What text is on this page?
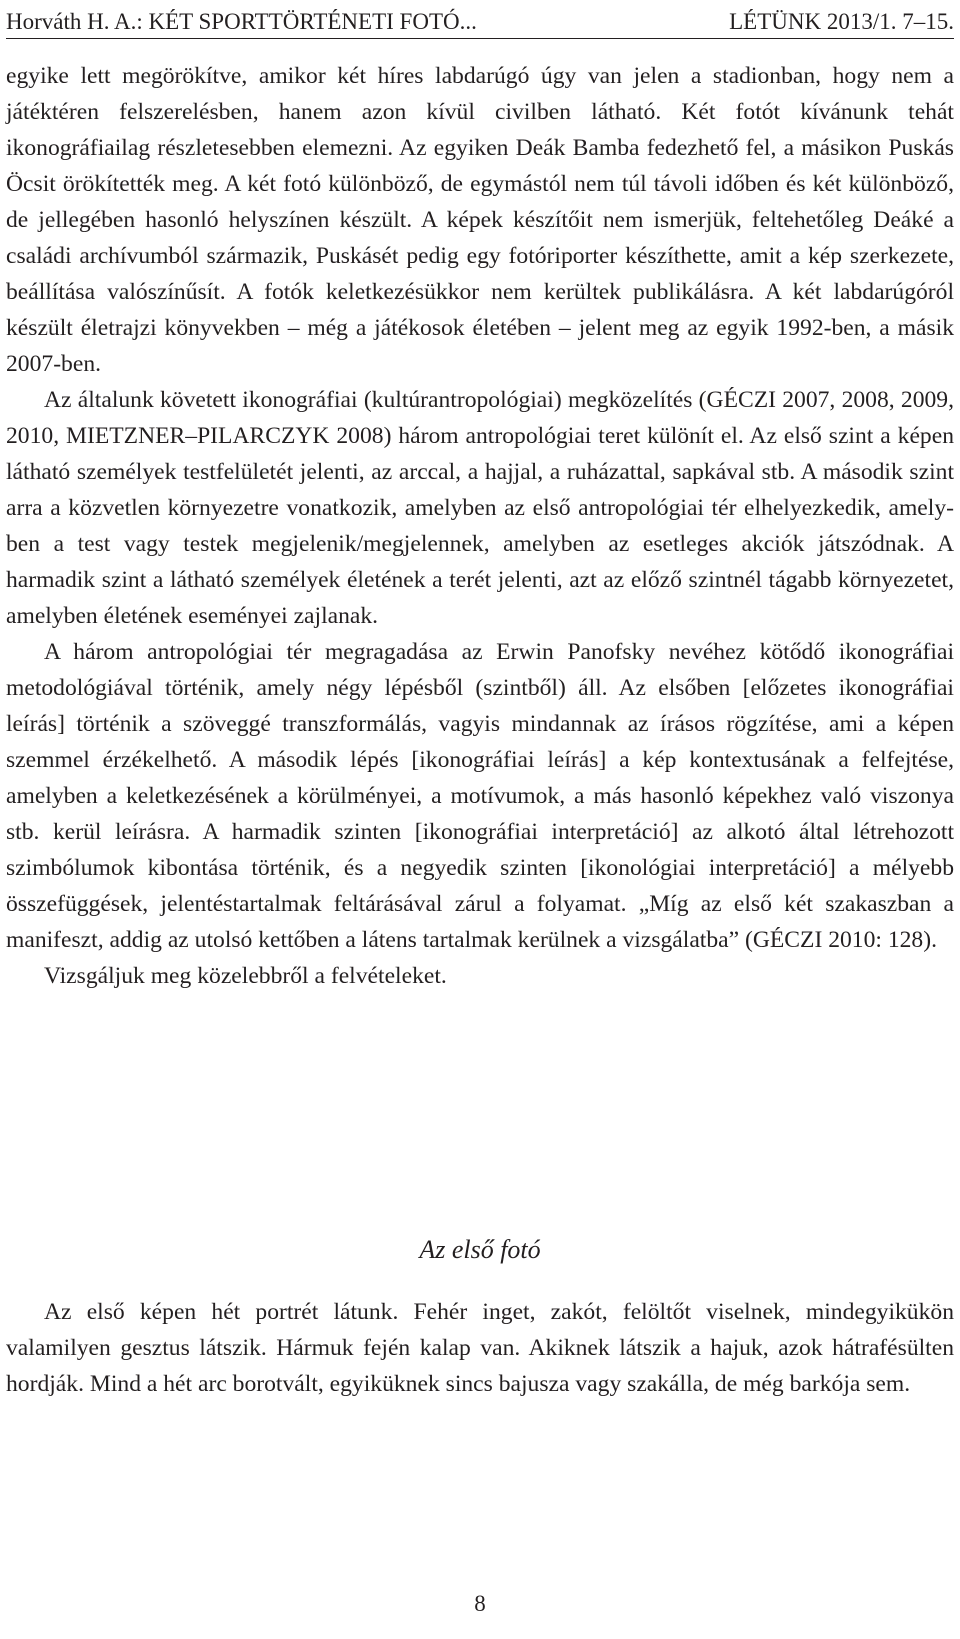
Horváth H. A.: KÉT SPORTTÖRTÉNETI FOTÓ...	LÉTÜNK 2013/1. 7–15.

egyike lett megörökítve, amikor két híres labdarúgó úgy van jelen a stadionban, hogy nem a játéktéren felszerelésben, hanem azon kívül civilben látható. Két fotót kívánunk tehát ikonográfiailag részletesebben elemezni. Az egyiken Deák Bamba fedezhető fel, a másikon Puskás Öcsit örökítették meg. A két fotó különböző, de egymástól nem túl távoli időben és két különböző, de jellegében hasonló helyszínen készült. A képek készítőit nem ismerjük, feltehetőleg Deáké a családi archívumból származik, Puskásét pedig egy fotóriporter készíthette, amit a kép szerkezete, beállítása valószínűsít. A fotók keletkezésükkor nem kerültek publikálásra. A két labdarúgóról készült életrajzi könyvekben – még a játékosok életében – jelent meg az egyik 1992-ben, a másik 2007-ben.

Az általunk követett ikonográfiai (kultúrantropológiai) megközelítés (GÉCZI 2007, 2008, 2009, 2010, MIETZNER–PILARCZYK 2008) három antropológiai teret különít el. Az első szint a képen látható személyek testfelületét jelenti, az arccal, a hajjal, a ruházattal, sapkával stb. A második szint arra a közvetlen környezetre vonatkozik, amelyben az első antropológiai tér elhelyezkedik, amelyben a test vagy testek megjelenik/megjelennek, amelyben az esetleges akciók játszódnak. A harmadik szint a látható személyek életének a terét jelenti, azt az előző szintnél tágabb környezetet, amelyben életének eseményei zajlanak.

A három antropológiai tér megragadása az Erwin Panofsky nevéhez kötődő ikonográfiai metodológiával történik, amely négy lépésből (szintből) áll. Az elsőben [előzetes ikonográfiai leírás] történik a szöveggé transzformálás, vagyis mindannak az írásos rögzítése, ami a képen szemmel érzékelhető. A második lépés [ikonográfiai leírás] a kép kontextusának a felfejtése, amelyben a keletkezésének a körülményei, a motívumok, a más hasonló képekhez való viszonya stb. kerül leírásra. A harmadik szinten [ikonográfiai interpretáció] az alkotó által létrehozott szimbólumok kibontása történik, és a negyedik szinten [ikonológiai interpretáció] a mélyebb összefüggések, jelentéstartalmak feltárásával zárul a folyamat. „Míg az első két szakaszban a manifeszt, addig az utolsó kettőben a látens tartalmak kerülnek a vizsgálatba” (GÉCZI 2010: 128).

Vizsgáljuk meg közelebbről a felvételeket.

Az első fotó

Az első képen hét portrét látunk. Fehér inget, zakót, felöltőt viselnek, mindegyikükön valamilyen gesztus látszik. Hármuk fején kalap van. Akiknek látszik a hajuk, azok hátrafésülten hordják. Mind a hét arc borotvált, egyiküknek sincs bajusza vagy szakálla, de még barkója sem.

8
